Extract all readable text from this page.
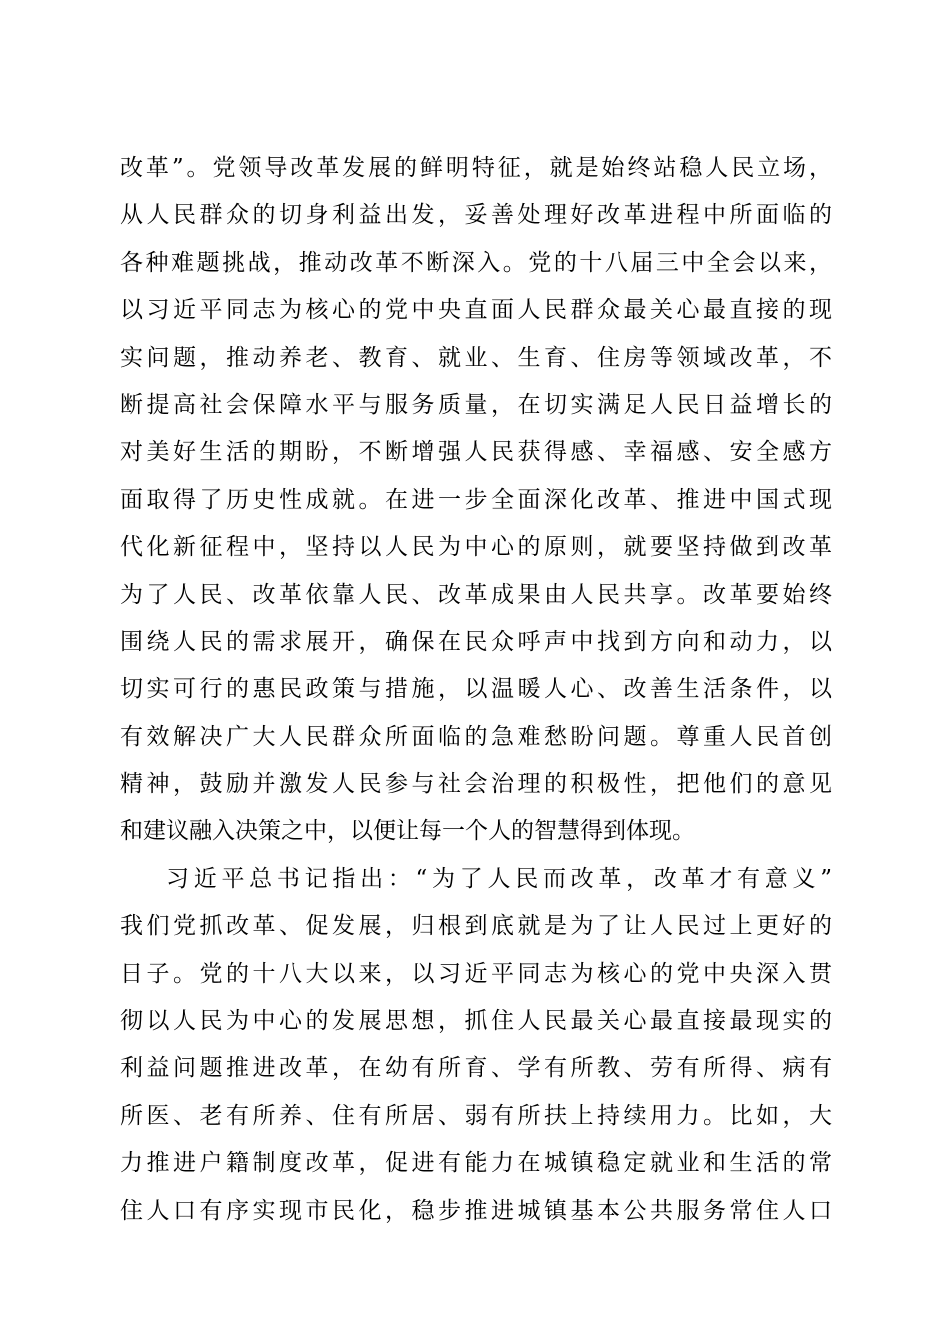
改革”。党领导改革发展的鲜明特征，就是始终站稳人民立场，
从人民群众的切身利益出发，妥善处理好改革进程中所面临的
各种难题挑战，推动改革不断深入。党的十八届三中全会以来，
以习近平同志为核心的党中央直面人民群众最关心最直接的现
实问题，推动养老、教育、就业、生育、住房等领域改革，不
断提高社会保障水平与服务质量，在切实满足人民日益增长的
对美好生活的期盼，不断增强人民获得感、幸福感、安全感方
面取得了历史性成就。在进一步全面深化改革、推进中国式现
代化新征程中，坚持以人民为中心的原则，就要坚持做到改革
为了人民、改革依靠人民、改革成果由人民共享。改革要始终
围绕人民的需求展开，确保在民众呼声中找到方向和动力，以
切实可行的惠民政策与措施，以温暖人心、改善生活条件，以
有效解决广大人民群众所面临的急难愁盼问题。尊重人民首创
精神，鼓励并激发人民参与社会治理的积极性，把他们的意见
和建议融入决策之中，以便让每一个人的智慧得到体现。
习近平总书记指出：“为了人民而改革，改革才有意义”
我们党抓改革、促发展，归根到底就是为了让人民过上更好的
日子。党的十八大以来，以习近平同志为核心的党中央深入贯
彻以人民为中心的发展思想，抓住人民最关心最直接最现实的
利益问题推进改革，在幼有所育、学有所教、劳有所得、病有
所医、老有所养、住有所居、弱有所扶上持续用力。比如，大
力推进户籍制度改革，促进有能力在城镇稳定就业和生活的常
住人口有序实现市民化，稳步推进城镇基本公共服务常住人口
